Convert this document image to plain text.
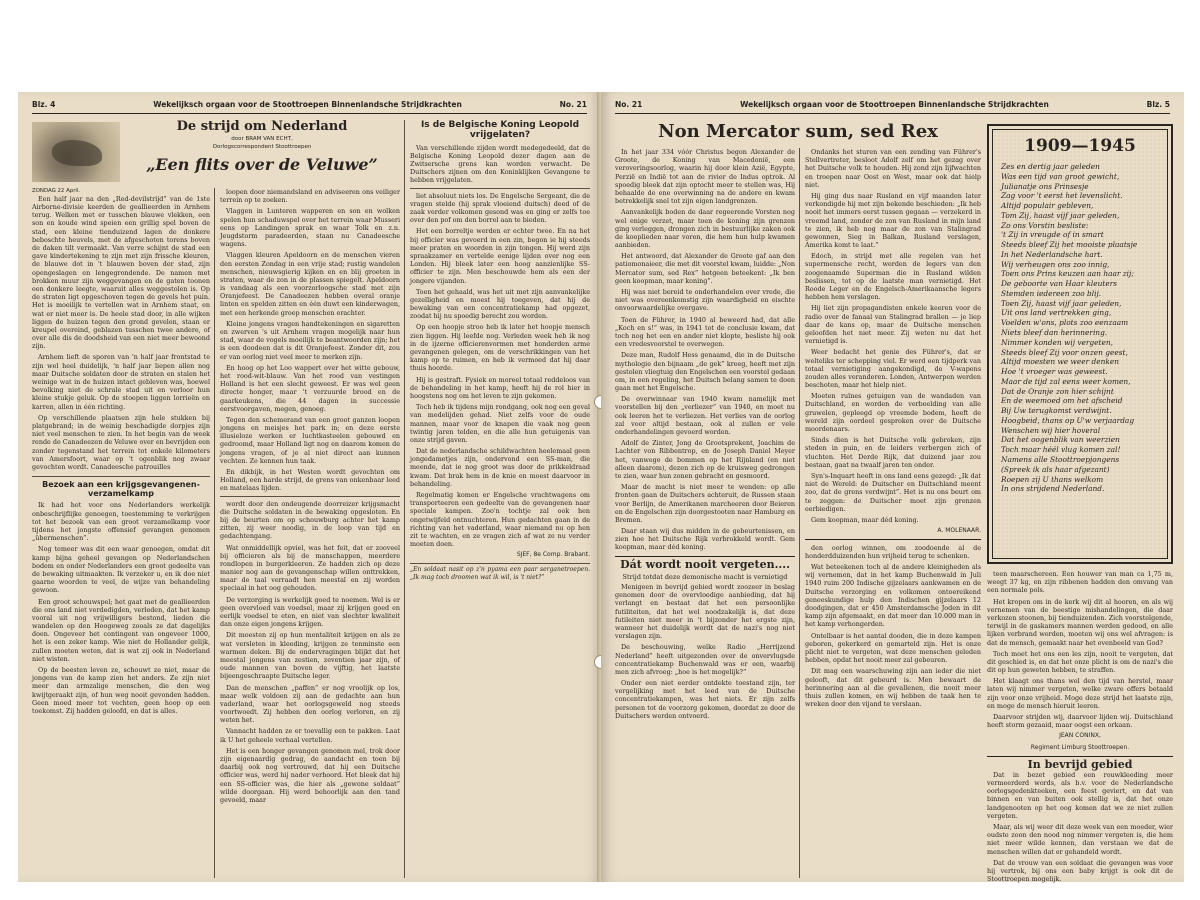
Blz. 4	Wekelijksch orgaan voor de Stoottroepen Binnenlandsche Strijdkrachten	No. 21
De strijd om Nederland
door BRAM VAN ECHT,
Oorlogscorrespondent Stoottroepen
„Een flits over de Veluwe”
ZONDAG 22 April.

Een half jaar na den „Red-devilstrijd” van de 1ste Airborne-divisie keerden de geallieerden in Arnhem terug. Welken met er tusschen blauwe vlekken, een son en koude wind speien een grillig spel boven de stad, een kleine tienduizend lagen de donkere beboschte heuvels, met de afgeschoten torens boven de daken tilt vermaakt. Van verre schijnt de stad een gave kindertekening te zijn met zijn frissche kleuren, de blauwe dot in 't blauwen boven der stad, zijn opengeslagen en lengegrondende. De namen met brokken muur zijn weggevangen en de gaten toonen een donkere leegte, waaruit alles weggestolen is. Op de straten ligt opgeschoven tegen de gevels het puin. Het is moeilijk te vertellen wat in Arnhem staat, en wat er niet meer is. De heele stad door, in alle wijken liggen de huizen tegen den grond gevelen, staan er kreupel overeind, geblazen tusschen twee andere, of over alle dis de doodsheid van een niet meer bewoond zijn.

Arnhem lieft de sporen van 'n half jaar frontstad te zijn wel heel duidelijk, 'n half jaar liepen allen nog maar Duitsche soldaten door de straten en stalen het weinige wat in de huizen intact gebleven was, hoewel bevolking niet de schrale stad uit en verloor hun kleine stukje geluk. Op de stoepen liggen lorrieën en karren, allen in één richting.

Op verschillende plaatsen zijn hele stukken bij platgebrand; in de weinig beschadigde dorpjes zijn niet veel menschen te zien. In het begin van de week rende de Canadeezen de Veluwe over en bevrijden een zonder tegenstand het terrein tot enkele kilometers van Amersfoort, waar op 't ogenblik nog zwaar gevochten wordt. Canadeesche patrouilles

Bezoek aan een krijgsgevangenen-verzamelkamp

Ik had het voor ons Nederlanders werkelijk onbeschrijflijke genoegen, toestemming te verkrijgen tot het bezoek van een groot verzamelkamp voor tijdens het jongste offensief gevangen genomen „übermenschen”.

Nog temeer was dit een waar genoegen, omdat dit kamp bijna geheel gevangen op Nederlandschen bodem en onder Nederlanders een groot gedeelte van de bewaking uitmaakten. Ik verzeker u, en ik doe niet gaarne woorden te veel, de wijze van behandeling gewoon.

Een groot schouwspel; het gaat met de geallieerden die ons land niet verdedigden, verleden, dat het kamp vooral uit nog vrijwilligers bestond, lieden die wandelen op den Hoogeweg zooals ze dat dagelijks doen. Ongeveer het contingent van ongeveer 1000, het is een zeker kamp. Wie niet de Hollander gelijk, zullen moeten weten, dat is wat zij ook in Nederland niet wisten.

Op de beesten leven ze, schouwt ze niet, maar de jongens van de kamp zien het anders. Ze zijn niet meer dan armzalige menschen, die den weg kwijtgeraakt zijn, of hun weg nooit gevonden hadden. Geen moed meer tot vechten, geen hoop op een toekomst. Zij hadden geloofd, en dat is alles.

loopen door niemandsland en adviseeren ons veiliger terrein op te zoeken.

Vlaggen in Lunteren wapperen en son en wolken spelen hun schaduwspel over het terrein waar Musseri eens op Landingen sprak en waar Tolk en z.n. Jeugdstorm paradeerden, staan nu Canadeesche wagens.

Vlaggen kleuren Apeldoorn en de menschen vieren den eersten Zondag in een vrije stad; rustig wandelen menschen, nieuwsgierig kijken en en blij groeten in straten, waar de zon in de plassen spiegelt. Apeldoorn is vandaag als een voorzorloogsche stad met zijn Oranjefeest. De Canadeezen hebben overal oranje linten en spelden zitten en één duwt een kinderwagen, met een herkende groep menschen erachter.

Kleine jongens vragen handtekeningen en sigaretten en zwerven 's uit Arnhem vragen mogelijk naar hun stad, waar de vogels moeilijk te beantwoorden zijn; het is een doodeen dat is dit Oranjefeest. Zonder dit, zou er van oorlog niet veel meer te merken zijn.

En hoog op het Loo wappert over het witte gebouw, het rood-wit-blauw. Van het rood van vestingen Holland is het een slecht geweest. Er was wel geen directe honger, maar 't verzuurde brood en de gaarkeukens, die 44 dagen in successie eerstvoorgaven, megen, genoeg.

Tegen den schemerand van een groot ganzen loopen jongens en meisjes het park in; en deze eerste illusieloze werken er luchtkasteelen gebouwd en gedroomd, maar Holland ligt nog en daarom komen de jongens vragen, of je al niet direct aan kunnen vechten. Ze kennen hun taak.

En dikbijk, in het Westen wordt gevochten om Holland, een harde strijd, de grens van onkenbaar leed en matelaas lijden.

wordt door den ondeugende doorreizer krijgsmacht die Duitsche soldaten in de bewaking opgesloten. En bij de beurten om op schouwburg achter het kamp zitten, zij weer noodig, in de loop van tijd en gedachtengang.

Wat onmiddellijk opviel, was het feit, dat er zooveel bij officieren als bij de manschappen, meerdere rondlopen in burgerkleeren. Ze hadden zich op deze manier nog aan de gevangenschap willen onttrekken, maar de taal verraadt hen meestal en zij worden speciaal in het oog gehouden.

De verzorging is werkelijk goed te noemen. Wel is er geen overvloed van voedsel, maar zij krijgen goed en eerlijk voedsel te eten, en niet van slechter kwaliteit dan onze eigen jongens krijgen.

Dit moesten zij op hun mentaliteit krijgen en als ze wat versleten in kleeding, krijgen ze tenminste een warmen deken. Bij de ondervragingen blijkt dat het meestal jongens van zestien, zeventien jaar zijn, of oude mannen van boven de vijftig, het laatste bijeengeschraapte Duitsche leger.

Dan de menschen „paffen” er nog vroolijk op los, maar welk voldoen zij aan de gedachte aan hun vaderland, waar het oorlogsgeweld nog steeds voortwoedt. Zij hebben den oorlog verloren, en zij weten het.

Vannacht hadden ze er toevallig een te pakken. Laat ik U het geheele verhaal vertellen.

Het is een honger gevangen genomen mel, trok door zijn eigenaardig gedrag, de aandacht en toen bij daarbij ook nog vertrouwd, dat hij een Duitsche officier was, werd hij nader verhoord. Het bleek dat hij een SS-officier was, die hier als „gewone soldaat” wilde doorgaan. Hij werd behoorlijk aan den tand gevoeld, maar

Is de Belgische Koning Leopold vrijgelaten?

Van verschillende zijden wordt medegedeeld, dat de Belgische Koning Leopold dezer dagen aan de Zwitsersche grens kan worden verwacht. De Duitschers zijnen om den Koninklijken Gevangene te hebben vrijgelaten.

liet absoluut niets los. De Engelsche Sergeant, die de vragen stelde (hij sprak vloeiend duitsch) deed of de zaak verder volkomen gesond was en ging er zelfs toe over den pof om den borrel aan te bieden.

Het een borreltje werden er echter twee. En na het bij officier was gevoerd in een zin, begon ie hij steeds meer praten en woorden in zijn tongen. Hij werd zijn spraakzamer en vertelde eenige lijden over nog een Londen. Hij bleek later een hoog aanzienlijke SS-officier te zijn. Men beschouwde hem als een der jongere vijanden.

Toen het gehaald, was het uit met zijn aanvankelijke gezelligheid en moest hij toegeven, dat hij de bewaking van een concentratiekamp had opgezet, zoodat hij nu spoedig berecht zou worden.

Op een hoopje stroo heb ik later het hoopje mensch zien liggen. Hij leefde nog. Verleden week heb ik nog in de ijzerne officierenvormen met honderden arme gevangenen gelegen, om de verschrikkingen van het kamp op te ruimen, en heb ik vermoed dat hij daar thuis hoorde.

Hij is gestraft. Fysiek en moreel totaal reddeloos van de behandeling in het kamp, heeft hij de rol hier in hoogstens nog om het leven te zijn gekomen.

Toch heb ik tijdens mijn rondgang, ook nog een geval van medelijden gehad. Niet zelfs voor de oude mannen, maar voor de knapen die vaak nog geen twintig jaren telden, en die alle hun getuigenis van onze strijd gaven.

Dat de nederlandsche schildwachten heelemaal geen jongedametjes zijn, ondervond een SS-man, die meende, dat ie nog groot was door de prikkeldraad kwam. Dat brak hem in de knie en moest daarvoor in behandeling.

Regelmatig komen er Engelsche vrachtwagens om transporteeren een gedeelte van de gevangenen naar speciale kampen. Zoo'n tochtje zal ook hen ongetwijfeld ontnuchteren. Hun gedachten gaan in de richting van het vaderland, waar niemand nu op hen zit te wachten, en ze vragen zich af wat ze nu verder moeten doen.

SJEF, 8e Comp. Brabant.
„En soldaat nasit op z'n pyama een paar serganetroepen. „Ik mag toch droomen wat ik wil, is 't niet?”
No. 21	Wekelijksch orgaan voor de Stoottroepen Binnenlandsche Strijdkrachten	Blz. 5
Non Mercator sum, sed Rex

In het jaar 334 vóór Christus begon Alexander de Groote, de Koning van Macedonië, een veroveringsoorlog, waarin hij door klein Azië, Egypte, Perzië en Indië tot aan de rivier de Indus optrok. Al spoedig bleek dat zijn optocht meer te stellen was, Hij behaalde de ene overwinning na de andere en kwam betrekkelijk snel tot zijn eigen landgrenzen.

Aanvankelijk boden de daar regeerende Vorsten nog wel enige verzet, maar toen de koning zijn grenzen ging verleggen, drongen zich in bestuurlijke zaken ook de kooplieden naar voren, die hem hun hulp kwamen aanbieden.

Het antwoord, dat Alexander de Groote gaf aan den patiomonaieer, die met dit voorstel kwam, luidde: „Non Mercator sum, sed Rex” hetgeen beteekent: „Ik ben geen koopman, maar koning”.

Hij was niet bereid te onderhandelen over vrede, die niet was overeenkomstig zijn waardigheid en eischte onvoorwaardelijke overgave.

Toen de Führer, in 1940 al beweerd had, dat alle „Koch en s!” was, in 1941 tot de conclusie kwam, dat toch nog het een en ander niet klopte, besliste hij ook een vredesvoorstel te overwegen.

Deze man, Rudolf Hess genaamd, die in de Duitsche mythologie den bijnaam „de gek” kreeg, heeft met zijn gestolen vliegtuig den Engelschen een voorstel gedaan om, in een regeling, het Duitsch belang samen te doen gaan met het Engelsche.

De overwinnaar van 1940 kwam namelijk met voorstellen bij den „verliezer” van 1940, en moet nu ook leeren het te verliezen. Het verlies van de oorlog zal voor altijd bestaan, ook al zullen er vele onderhandelingen gevoerd worden.

Adolf de Zinter, Jong de Grootsprekent, Joachim de Lachter von Ribbentrop, en de Joseph Daniel Meyer het, vanwege de bommen op het Rijnland (en niet alleen daarom), dezen zich op de kruisweg gedrongen te zien, waar hun zonen gebracht en gesmoord.

Maar de macht is niet meer te wenden: op alle fronten gaan de Duitschers achteruit, de Russen staan voor Berlijn, de Amerikanen marcheeren door Beieren en de Engelschen zijn doorgestooten naar Hamburg en Bremen.

Daar staan wij dus midden in de gebeurtenissen, en zien hoe het Duitsche Rijk verbrokkeld wordt. Gem koopman, maar déd koning.

Dát wordt nooit vergeten....
Strijd totdat deze demonische macht is vernietigd

Menigeen in bevrijd gebied wordt zoozeer in beslag genomen door de overvloedige aanbieding, dat hij verlangt en bestaat dat het een persoonlijke futiliteiten, dat het wel noodzakelijk is, dat deze futileiten niet meer in 't bijzonder het ergste zijn, wanneer het duidelijk wordt dat de nazi's nog niet verslagen zijn.

De beschouwing, welke Radio „Herrijzend Nederland” heeft uitgezonden over de onvervlugsde concentratiekamp Buchenwald was er een, waarbij men zich afvroeg: „hoe is het mogelijk?”

Onder een niet eerder ontdekte toestand zijn, ter vergelijking met het leed van de Duitsche concentratiekampen, was het niets. Er zijn zelfs personen tot de voorzorg gekomen, doordat ze door de Duitschers werden ontvoerd.

Ondanks het sturen van een zending van Führer's Stellvertreter, besloot Adolf zelf om het gezag over het Duitsche volk te houden. Hij zond zijn lijfwachten en troepen naar Oost en West, maar ook dat hielp niet.

Hij ging dus naar Rusland en vijf maanden later verkondigde hij met zijn bekende beschieden: „Ik heb nooit het immers eerst tussen gegaan — verzekerd in vreemd land, zonder de zon van Rusland in mijn land te zien, ik heb nog maar de zon van Stalingrad gewonnen, Sieg in Balkan, Rusland verslagen, Amerika komt te laat.”

Edoch, in strijd met alle regelen van het supermensche recht, werden de legers van den zoogenaamde Superman die in Rusland wilden beslissen, tot op de laatste man vernietigd. Het Roode Leger en de Engelsch-Amerikaansche legers hebben hem verslagen.

Hij liet zijn propagandisten enkele keeren voor de radio over de fanaal van Stalingrad brallen — je liep daar de kans op, maar de Duitsche menschen geloofden het niet meer. Zij weten nu dat het vernietigd is.

Weer bedacht het genie des Führer's, dat er welteliks ter schepping viel. Er werd een tijdperk van totaal vernietiging aangekondigd, de V-wapens zouden alles veranderen. Londen, Antwerpen werden beschoten, maar het hielp niet.

Moeten ruïnes getuigen van de wandaden van Duitschland, en worden de verbeelding van alle gruwelen, gepleegd op vreemde bodem, heeft de wereld zijn oordeel gesproken over de Duitsche moordenaars.

Sinds dien is het Duitsche volk gebroken, zijn steden in puin, en de leiders verbergen zich of vluchten. Het Derde Rijk, dat duizend jaar zou bestaan, gaat na twaalf jaren ten onder.

Syn's-Inquart heeft in ons land eens gezegd: „Ik dat niet de Wereld: de Duitscher en Duitschland meent zoo, dat de grens verdwijnt”. Het is nu ons beurt om te zeggen: de Duitscher moet zijn grenzen eerbiedigen.

Gem koopman, maar déd koning.

A. MOLENAAR.

den oorlog winnen, om zoodoende al de honderdduizenden hun vrijheid terug te schenken.

Wat beteekenen toch al de andere kleinigheden als wij vernemen, dat in het kamp Buchenwald in Juli 1940 ruim 200 Indische gijzelaars aankwamen en de Duitsche verzorging en volkomen ontoereikend geneeskundige hulp den Indischen gijzelaars 12 doodgingen, dat er 450 Amsterdamsche Joden in dit kamp zijn afgemaakt, en dat meer dan 10.000 man in het kamp verhongerden.

Ontelbaar is het aantal dooden, die in deze kampen geboren, gekerkerd en gemarteld zijn. Het is onze plicht niet te vergeten, wat deze menschen geleden hebben, opdat het nooit meer zal gebeuren.

Dit mag een waarschuwing zijn aan ieder die niet gelooft, dat dit gebeurd is. Men bewaart de herinnering aan al die gevallenen, die nooit meer thuis zullen komen, en wij hebben de taak hen te wreken door den vijand te verslaan.

1909—1945
Zes en dertig jaar geleden
Was een tijd van groot gewicht,
Julianatje ons Prinsesje
Zag voor 't eerst het levenslicht.
Altijd populair gebleven,
Tom Zij, haast vijf jaar geleden,
Zo ons Vorstin besliste:
't Zij in vreugde of in smart
Steeds bleef Zij het mooiste plaatsje
In het Nederlandsche hart.
Wij verheugen ons zoo innig,
Toen ons Prins keuzen aan haar zij;
De geboorte van Haar kleuters
Stemden iedereen zoo blij.
Toen Zij, haast vijf jaar geleden,
Uit ons land vertrekken ging,
Voelden w'ons, plots zoo eenzaam
Niets bleef dan herinnering.
Nimmer konden wij vergeten,
Steeds bleef Zij voor onzen geest,
Altijd moesten we weer denken
Hoe 't vroeger was geweest.
Maar de tijd zal eens weer komen,
Dat de Oranje zon hier schijnt
En de weemoed om het afscheid
Bij Uw terugkomst verdwijnt.
Hoogbeid, thans op U'w verjaardag
Wenschen wij hier hoveral
Dat het oogenblik van weerzien
Toch maar héél vlug komen zal!
Namens alle Stoottroepjongens
(Spreek ik als haar afgezant)
Roepen zij U thans welkom
In ons strijdend Nederland.

teen maarschereen. Een houwer van man ca 1,75 m, weegt 37 kg, en zijn ribbenen hadden den omvang van een normale pols.

Het kropen om in de kerk wij dit al hooren, en als wij vernemen van de beestige mishandelingen, die daar verkozen stoonen, bij tienduizenden. Zich voorstelgende, terwijl in de gaskamers mannen werden gedood, en alle lijken verbrand werden, moeten wij ons wel afvragen: is dat de mensch, gemaakt naar het evenbeeld van God?

Toch moet het ons een les zijn, nooit te vergeten, dat dit geschied is, en dat het onze plicht is om de nazi's die dit op hun geweten hebben, te straffen.

Het klaagt ons thans wel den tijd van herstel, maar laten wij nimmer vergeten, welke zware offers betaald zijn voor onze vrijheid. Moge deze strijd het laatste zijn, en moge de mensch hieruit leeren.

Daarvoor strijden wij, daarvoor lijden wij. Duitschland heeft storm gezaaid, maar oogst een orkaan.

JEAN CONINX,
Regiment Limburg Stoottroepen.
In bevrijd gebied

Dat in bezet gebied een rouwkleeding meer vermeerderd words, als b.v. voor de Nederlandsche oorlogsgedenkteeken, een feest geviert, en dat van binnen en van buiten ook stellig is, dat het onze landgenooten op het oog komen dat we ze niet zullen vergeten.

Maar, als wij weer dit deze week van een moeder, wier oudste zoon den nood nog nimmer vergeten is, die hem niet meer wilde kennen, dan verstaan we dat de menschen willen dat er gehandeld wordt.

Dat de vrouw van een soldaat die gevangen was voor hij vertrok, bij ons een baby krijgt is ook dit de Stoottroepen mogelijk.
